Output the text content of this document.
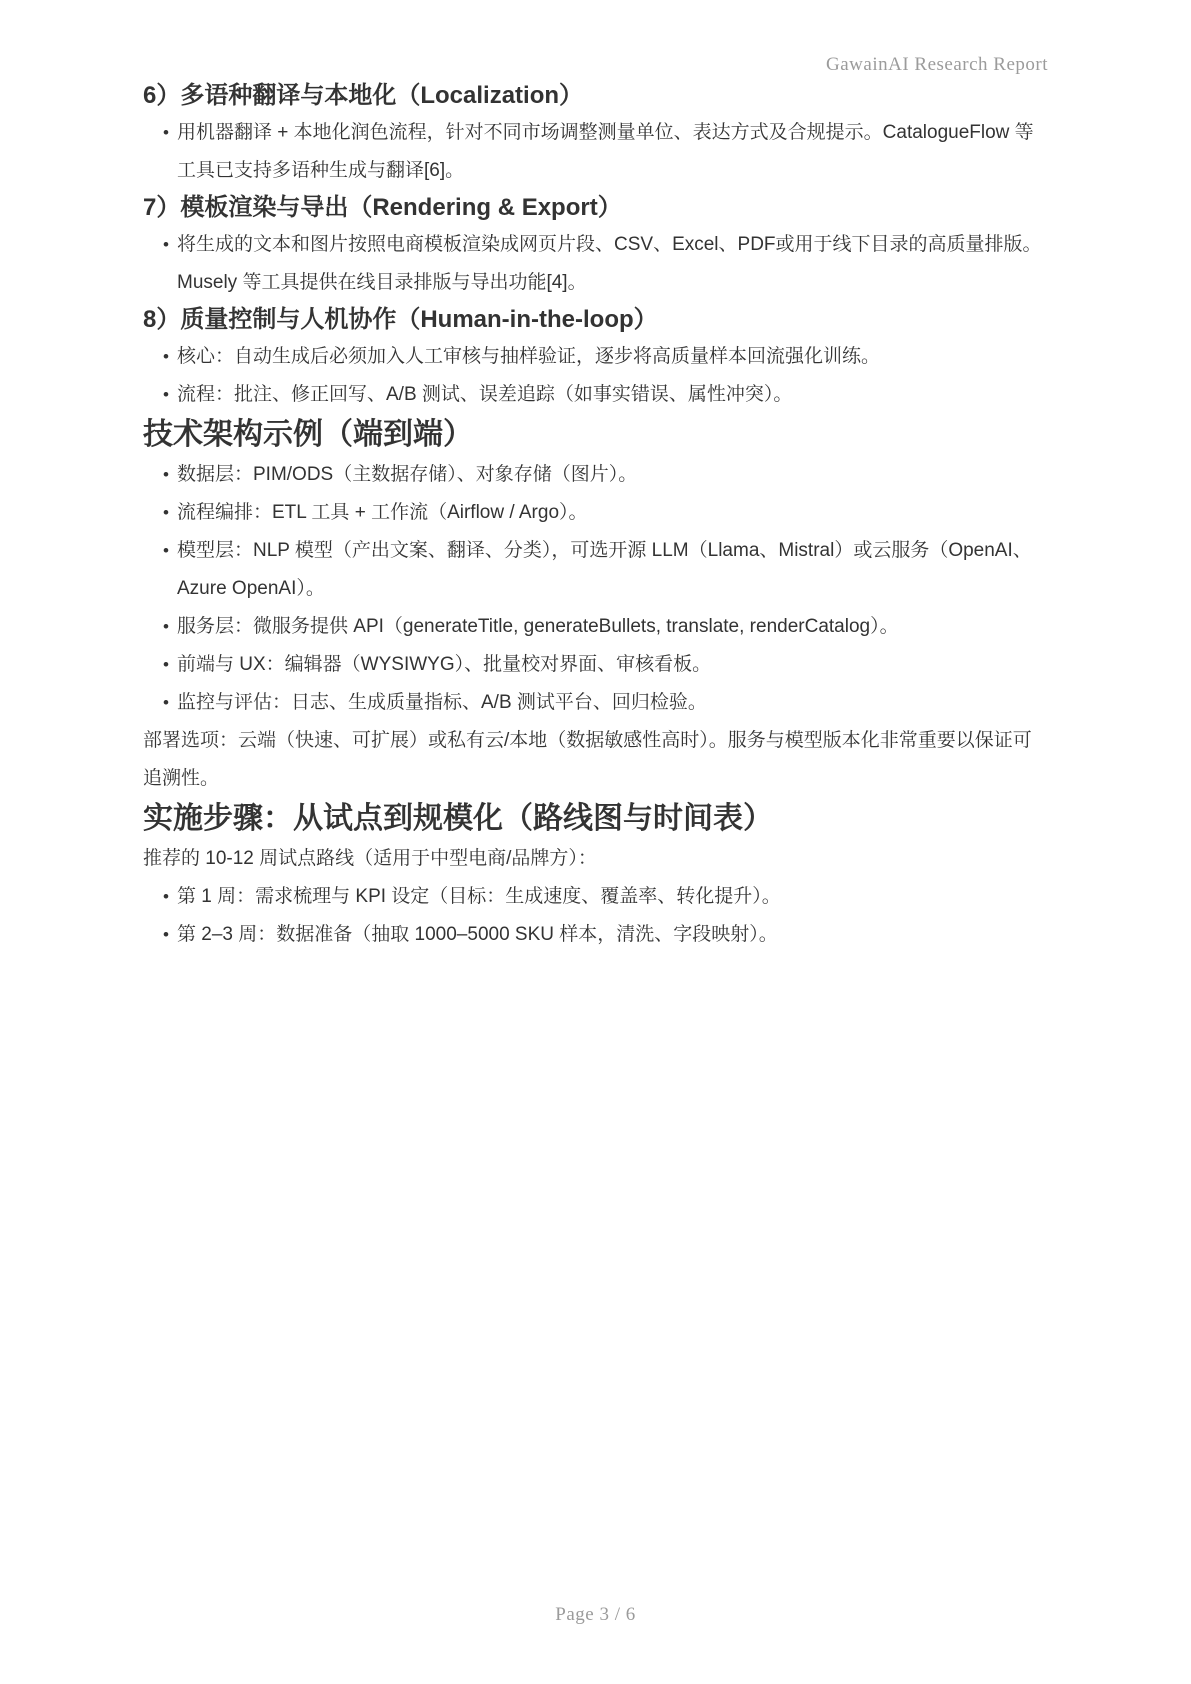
GawainAI Research Report
6）多语种翻译与本地化（Localization）
• 用机器翻译 + 本地化润色流程，针对不同市场调整测量单位、表达方式及合规提示。CatalogueFlow 等工具已支持多语种生成与翻译[6]。
7）模板渲染与导出（Rendering & Export）
• 将生成的文本和图片按照电商模板渲染成网页片段、CSV、Excel、PDF或用于线下目录的高质量排版。Musely 等工具提供在线目录排版与导出功能[4]。
8）质量控制与人机协作（Human-in-the-loop）
• 核心：自动生成后必须加入人工审核与抽样验证，逐步将高质量样本回流强化训练。
• 流程：批注、修正回写、A/B 测试、误差追踪（如事实错误、属性冲突）。
技术架构示例（端到端）
• 数据层：PIM/ODS（主数据存储）、对象存储（图片）。
• 流程编排：ETL 工具 + 工作流（Airflow / Argo）。
• 模型层：NLP 模型（产出文案、翻译、分类），可选开源 LLM（Llama、Mistral）或云服务（OpenAI、Azure OpenAI）。
• 服务层：微服务提供 API（generateTitle, generateBullets, translate, renderCatalog）。
• 前端与 UX：编辑器（WYSIWYG）、批量校对界面、审核看板。
• 监控与评估：日志、生成质量指标、A/B 测试平台、回归检验。

部署选项：云端（快速、可扩展）或私有云/本地（数据敏感性高时）。服务与模型版本化非常重要以保证可追溯性。

实施步骤：从试点到规模化（路线图与时间表）

推荐的 10-12 周试点路线（适用于中型电商/品牌方）：

• 第 1 周：需求梳理与 KPI 设定（目标：生成速度、覆盖率、转化提升）。
• 第 2–3 周：数据准备（抽取 1000–5000 SKU 样本，清洗、字段映射）。
Page 3 / 6
